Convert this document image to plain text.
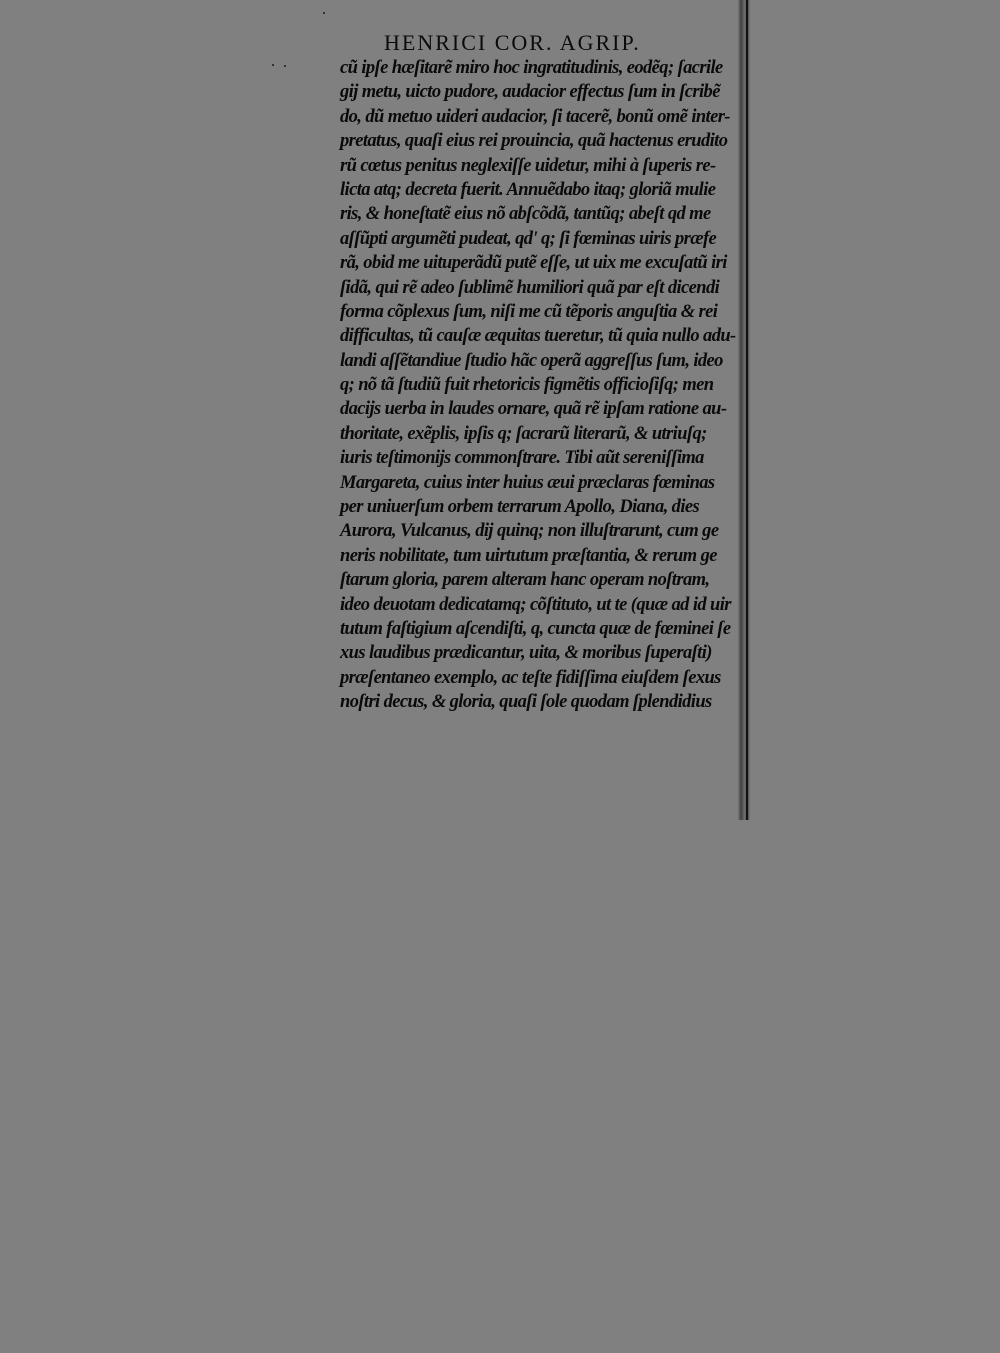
HENRICI COR. AGRIP.
cũ ipſe hæſitarẽ miro hoc ingratitudinis, eodẽq; ſacrile
gij metu, uicto pudore, audacior effectus ſum in ſcribẽ
do, dũ metuo uideri audacior, ſi tacerẽ, bonũ omẽ inter-
pretatus, quaſi eius rei prouincia, quã hactenus erudito
rũ cœtus penitus neglexiſſe uidetur, mihi à ſuperis re-
licta atq; decreta fuerit. Annuẽdabo itaq; gloriã mulie
ris, & honeſtatẽ eius nõ abſcõdã, tantũq; abeſt qd me
aſſũpti argumẽti pudeat, qd' q; ſi fœminas uiris præfe
rã, obid me uituperãdũ putẽ eſſe, ut uix me excuſatũ iri
ſidã, qui rẽ adeo ſublimẽ humiliori quã par eſt dicendi
forma cõplexus ſum, niſi me cũ tẽporis anguſtia & rei
difficultas, tũ cauſæ æquitas tueretur, tũ quia nullo adu-
landi aſſẽtandiue ſtudio hãc operã aggreſſus ſum, ideo
q; nõ tã ſtudiũ fuit rhetoricis figmẽtis officioſiſq; men
dacijs uerba in laudes ornare, quã rẽ ipſam ratione au-
thoritate, exẽplis, ipſis q; ſacrarũ literarũ, & utriuſq;
iuris teſtimonijs commonſtrare. Tibi aũt sereniſſima
Margareta, cuius inter huius æui præclaras fœminas
per uniuerſum orbem terrarum Apollo, Diana, dies
Aurora, Vulcanus, dij quinq; non illuſtrarunt, cum ge
neris nobilitate, tum uirtutum præſtantia, & rerum ge
ſtarum gloria, parem alteram hanc operam noſtram,
ideo deuotam dedicatamq; cõſtituto, ut te (quæ ad id uir
tutum faſtigium aſcendiſti, q, cuncta quæ de fœminei ſe
xus laudibus prædicantur, uita, & moribus ſuperaſti)
præſentaneo exemplo, ac teſte fidiſſima eiuſdem ſexus
noſtri decus, & gloria, quaſi ſole quodam ſplendidius
